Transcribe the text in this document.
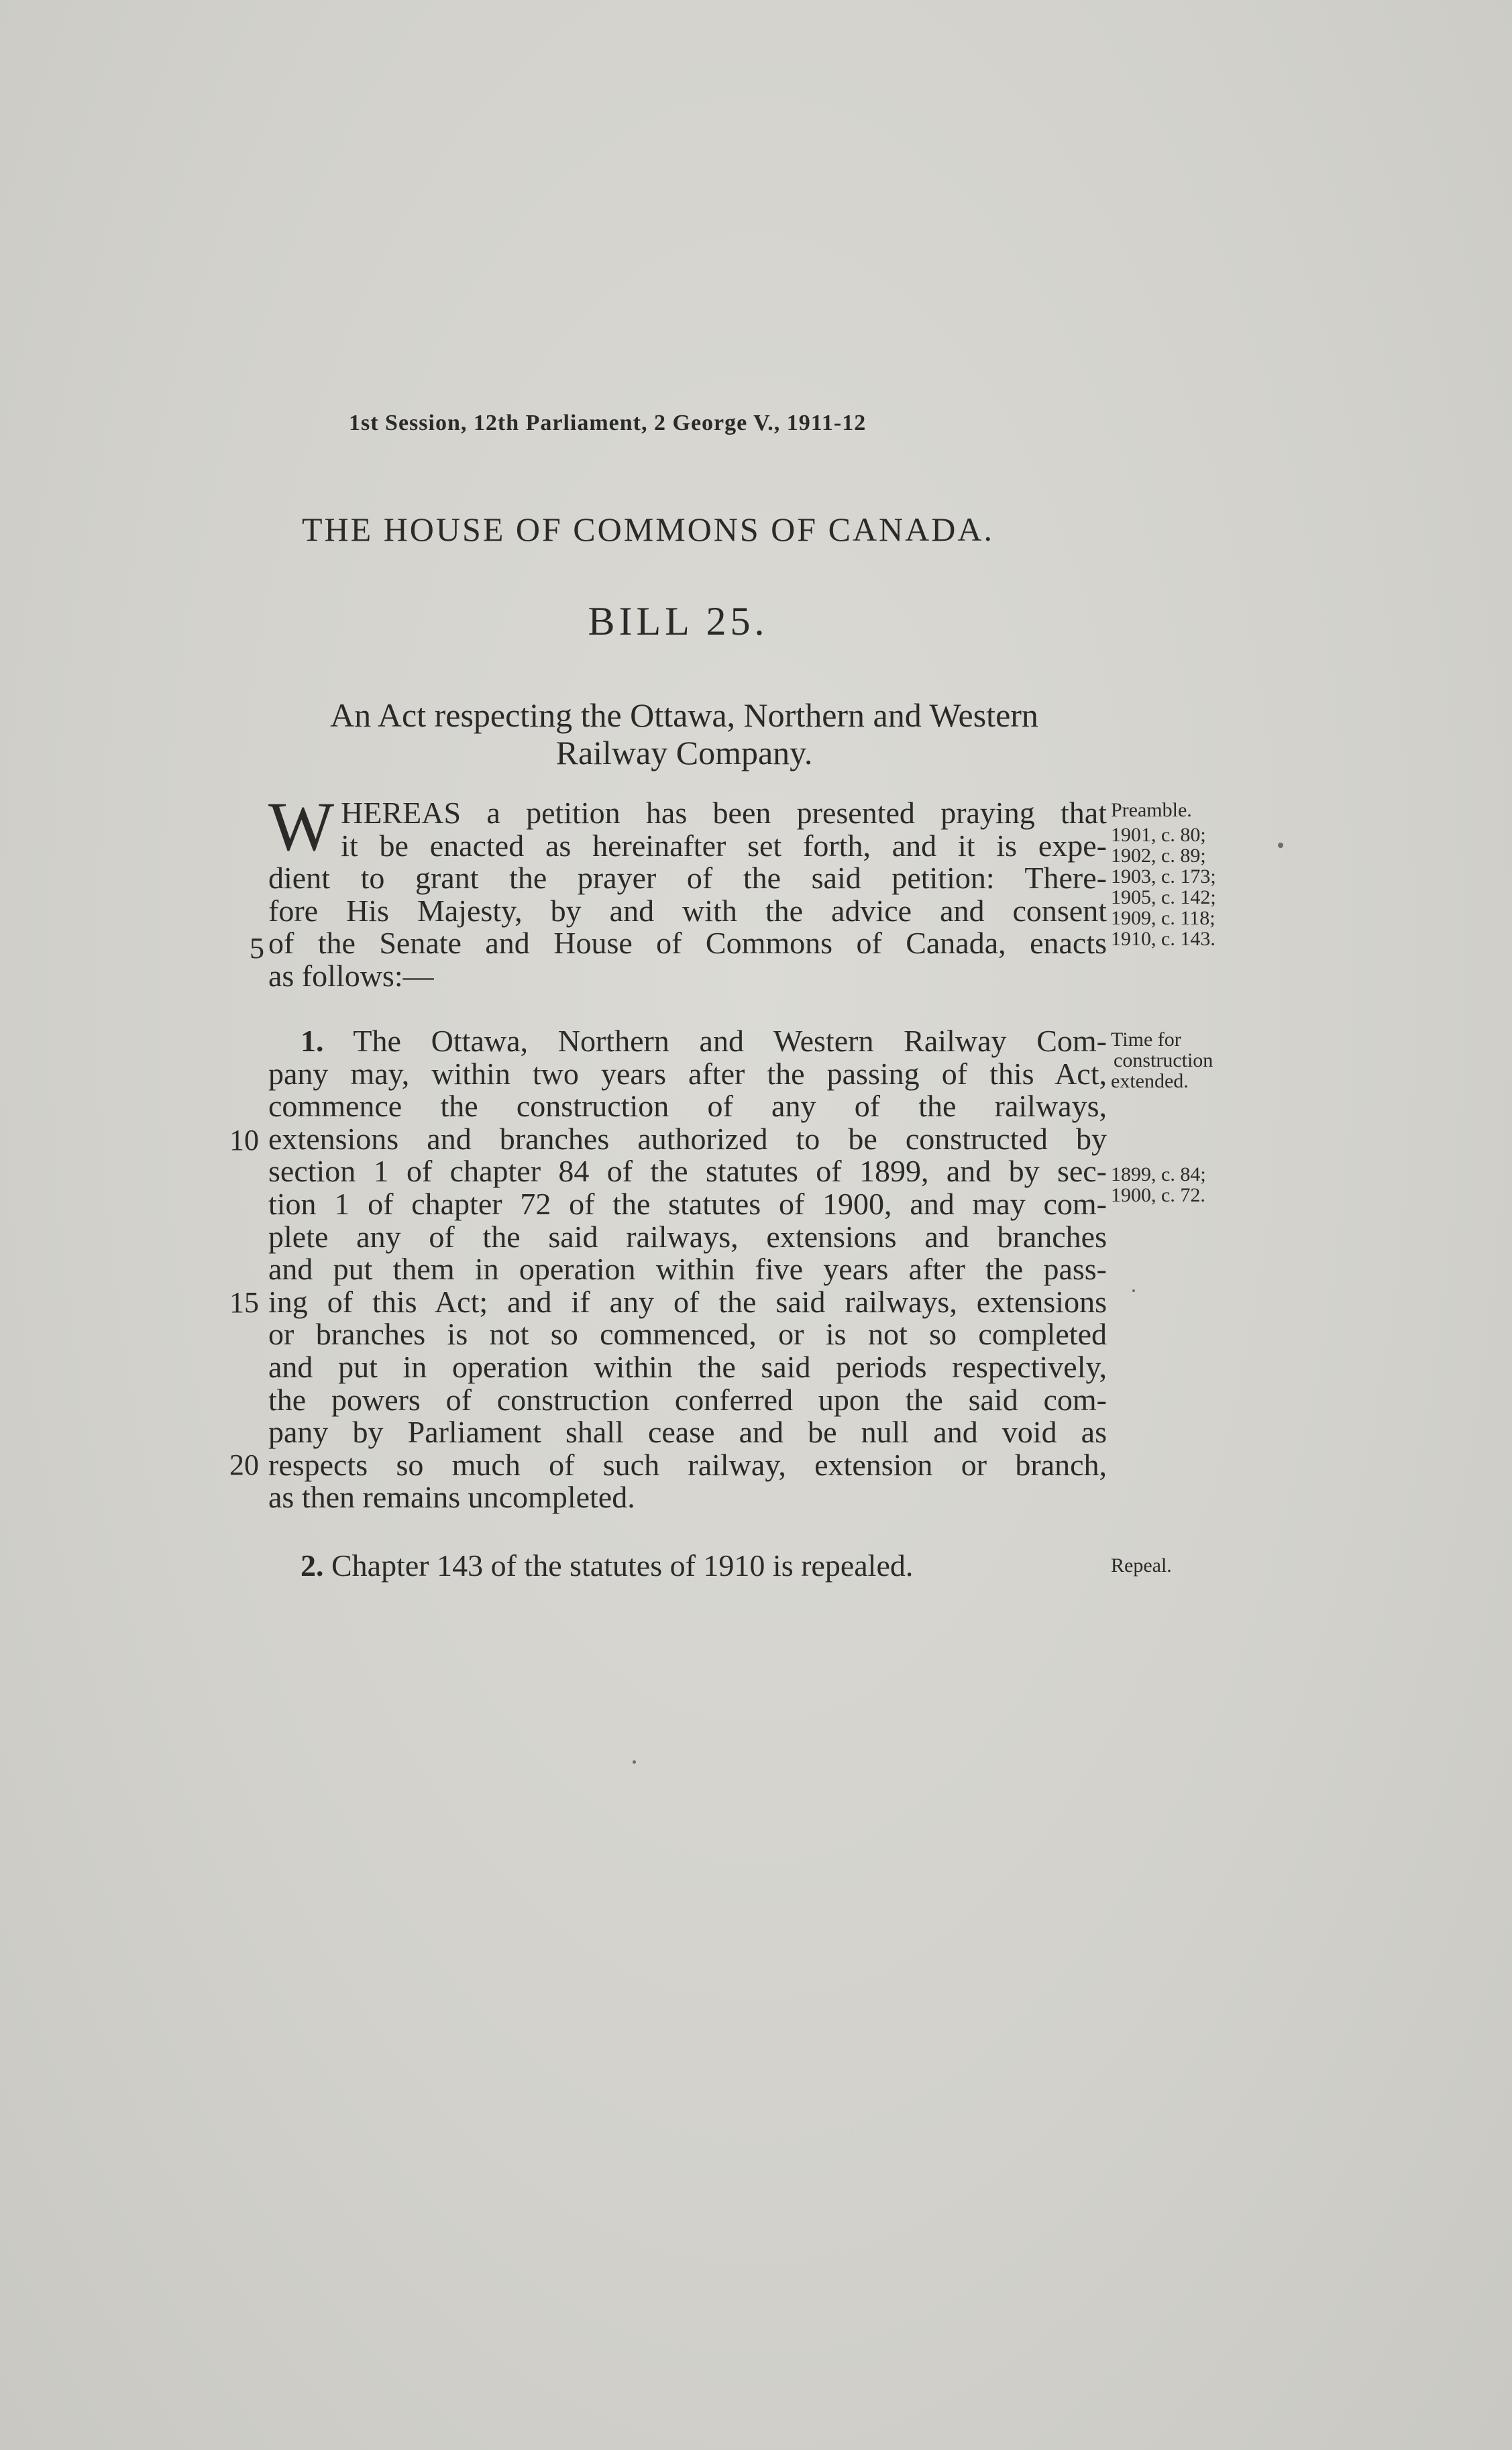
1st Session, 12th Parliament, 2 George V., 1911-12
THE HOUSE OF COMMONS OF CANADA.
BILL 25.
An Act respecting the Ottawa, Northern and Western
Railway Company.
W HEREAS a petition has been presented praying that
it be enacted as hereinafter set forth, and it is expe-
dient to grant the prayer of the said petition: There-
fore His Majesty, by and with the advice and consent
of the Senate and House of Commons of Canada, enacts
as follows:—
Preamble.
1901, c. 80;
1902, c. 89;
1903, c. 173;
1905, c. 142;
1909, c. 118;
1910, c. 143.
1. The Ottawa, Northern and Western Railway Com-
pany may, within two years after the passing of this Act,
commence the construction of any of the railways,
extensions and branches authorized to be constructed by
section 1 of chapter 84 of the statutes of 1899, and by sec-
tion 1 of chapter 72 of the statutes of 1900, and may com-
plete any of the said railways, extensions and branches
and put them in operation within five years after the pass-
ing of this Act; and if any of the said railways, extensions
or branches is not so commenced, or is not so completed
and put in operation within the said periods respectively,
the powers of construction conferred upon the said com-
pany by Parliament shall cease and be null and void as
respects so much of such railway, extension or branch,
as then remains uncompleted.
Time for
construction
extended.
1899, c. 84;
1900, c. 72.
2. Chapter 143 of the statutes of 1910 is repealed.	Repeal.
5
10
15
20
